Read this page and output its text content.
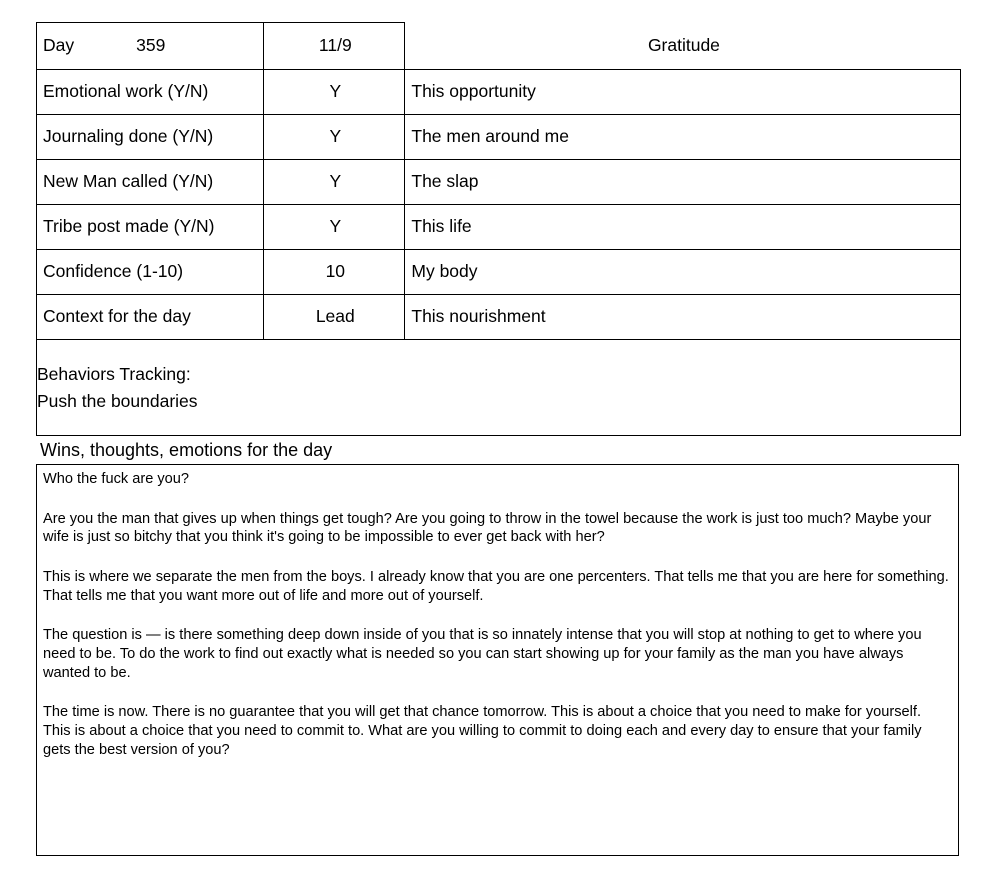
Day 359	11/9	Gratitude

Emotional work (Y/N)	Y	This opportunity

Journaling done (Y/N)	Y	The men around me

New Man called (Y/N)	Y	The slap

Tribe post made (Y/N)	Y	This life

Confidence (1-10)	10	My body

Context for the day	Lead	This nourishment

Behaviors Tracking:
Push the boundaries		
Wins, thoughts, emotions for the day

Who the fuck are you?

Are you the man that gives up when things get tough? Are you going to throw in the towel because the work is just too much? Maybe your wife is just so bitchy that you think it's going to be impossible to ever get back with her?

This is where we separate the men from the boys. I already know that you are one percenters. That tells me that you are here for something. That tells me that you want more out of life and more out of yourself.

The question is — is there something deep down inside of you that is so innately intense that you will stop at nothing to get to where you need to be. To do the work to find out exactly what is needed so you can start showing up for your family as the man you have always wanted to be.

The time is now. There is no guarantee that you will get that chance tomorrow. This is about a choice that you need to make for yourself. This is about a choice that you need to commit to. What are you willing to commit to doing each and every day to ensure that your family gets the best version of you?
